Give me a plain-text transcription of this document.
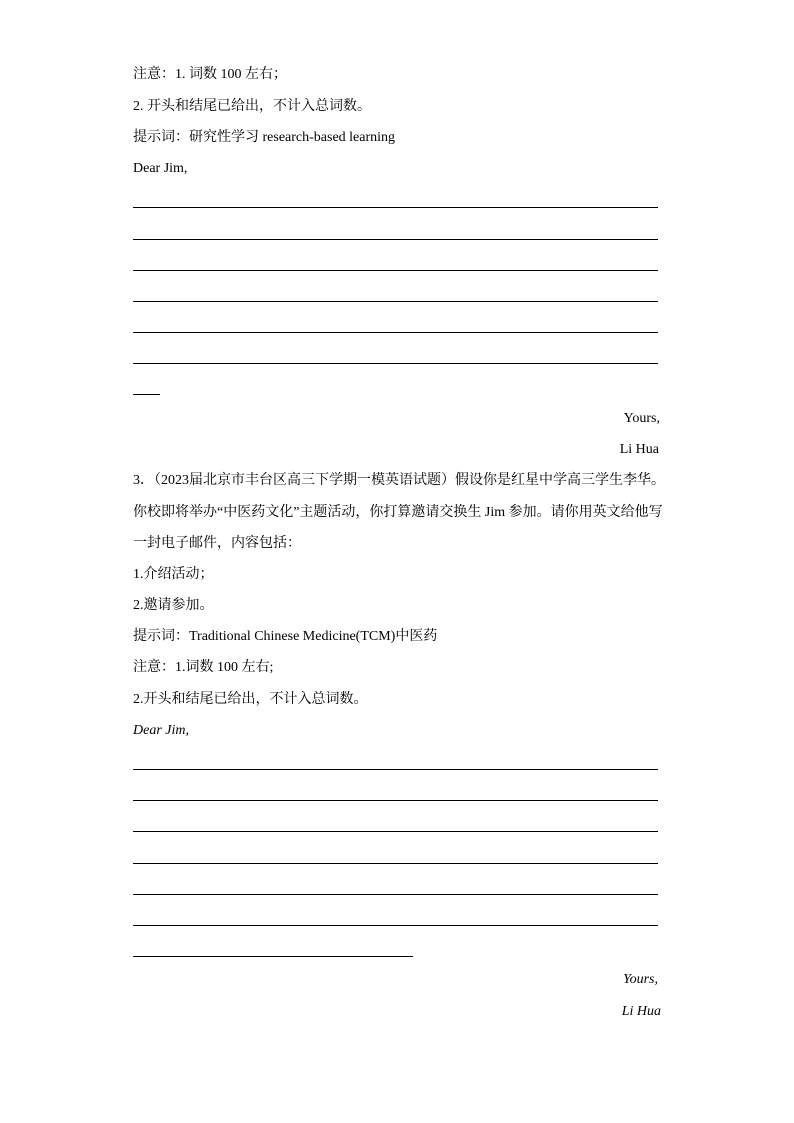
注意：1. 词数 100 左右；
2. 开头和结尾已给出，不计入总词数。
提示词：研究性学习 research-based learning
Dear Jim,
Yours,
Li Hua
3．（2023届北京市丰台区高三下学期一模英语试题）假设你是红星中学高三学生李华。
你校即将举办“中医药文化”主题活动，你打算邀请交换生 Jim 参加。请你用英文给他写
一封电子邮件，内容包括：
1.介绍活动；
2.邀请参加。
提示词：Traditional Chinese Medicine(TCM)中医药
注意：1.词数 100 左右;
2.开头和结尾已给出，不计入总词数。
Dear Jim,
Yours,
Li Hua
